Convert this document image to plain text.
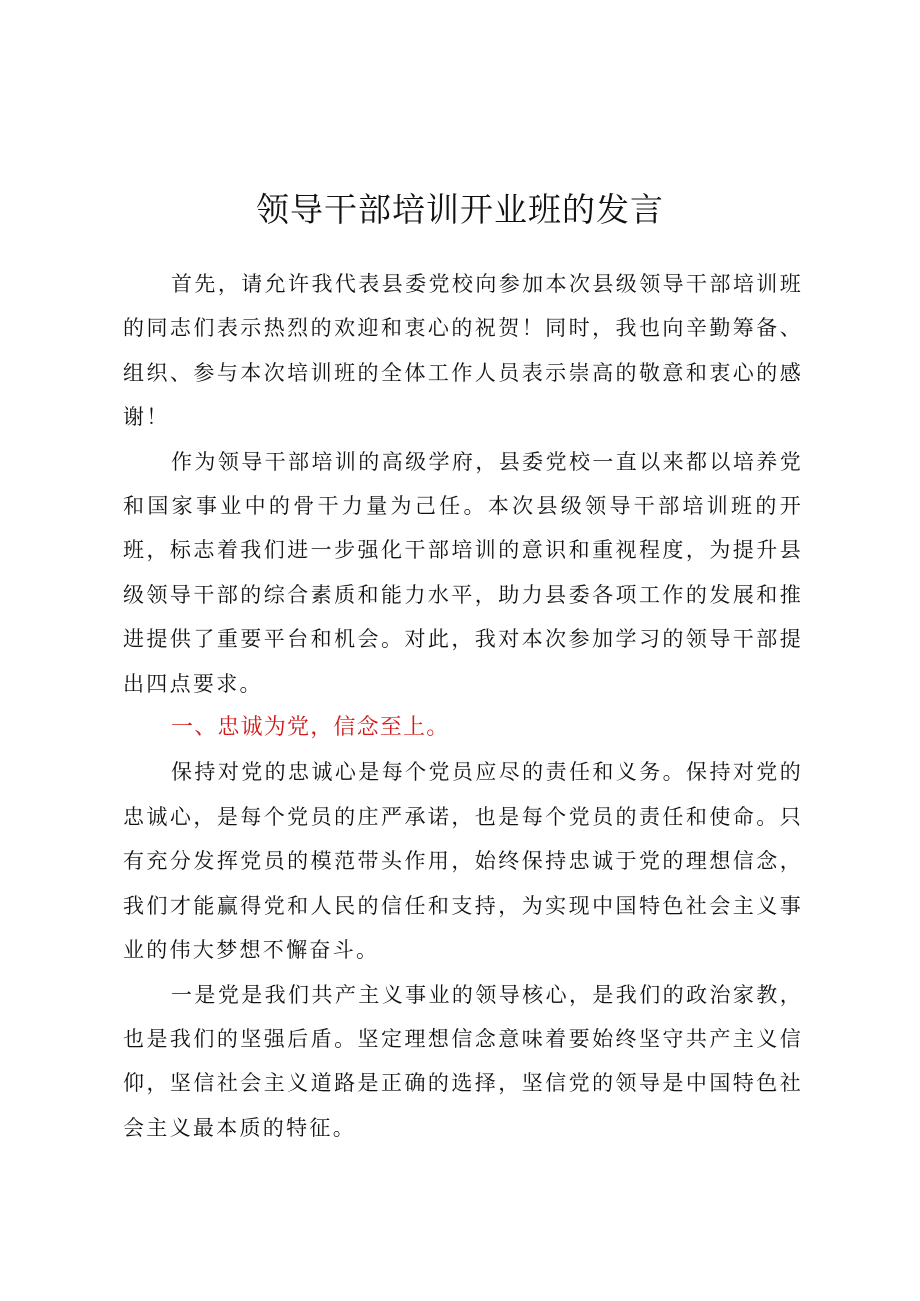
领导干部培训开业班的发言

首先，请允许我代表县委党校向参加本次县级领导干部培训班的同志们表示热烈的欢迎和衷心的祝贺！同时，我也向辛勤筹备、组织、参与本次培训班的全体工作人员表示崇高的敬意和衷心的感谢！

作为领导干部培训的高级学府，县委党校一直以来都以培养党和国家事业中的骨干力量为己任。本次县级领导干部培训班的开班，标志着我们进一步强化干部培训的意识和重视程度，为提升县级领导干部的综合素质和能力水平，助力县委各项工作的发展和推进提供了重要平台和机会。对此，我对本次参加学习的领导干部提出四点要求。

一、忠诚为党，信念至上。

保持对党的忠诚心是每个党员应尽的责任和义务。保持对党的忠诚心，是每个党员的庄严承诺，也是每个党员的责任和使命。只有充分发挥党员的模范带头作用，始终保持忠诚于党的理想信念，我们才能赢得党和人民的信任和支持，为实现中国特色社会主义事业的伟大梦想不懈奋斗。

一是党是我们共产主义事业的领导核心，是我们的政治家教，也是我们的坚强后盾。坚定理想信念意味着要始终坚守共产主义信仰，坚信社会主义道路是正确的选择，坚信党的领导是中国特色社会主义最本质的特征。
